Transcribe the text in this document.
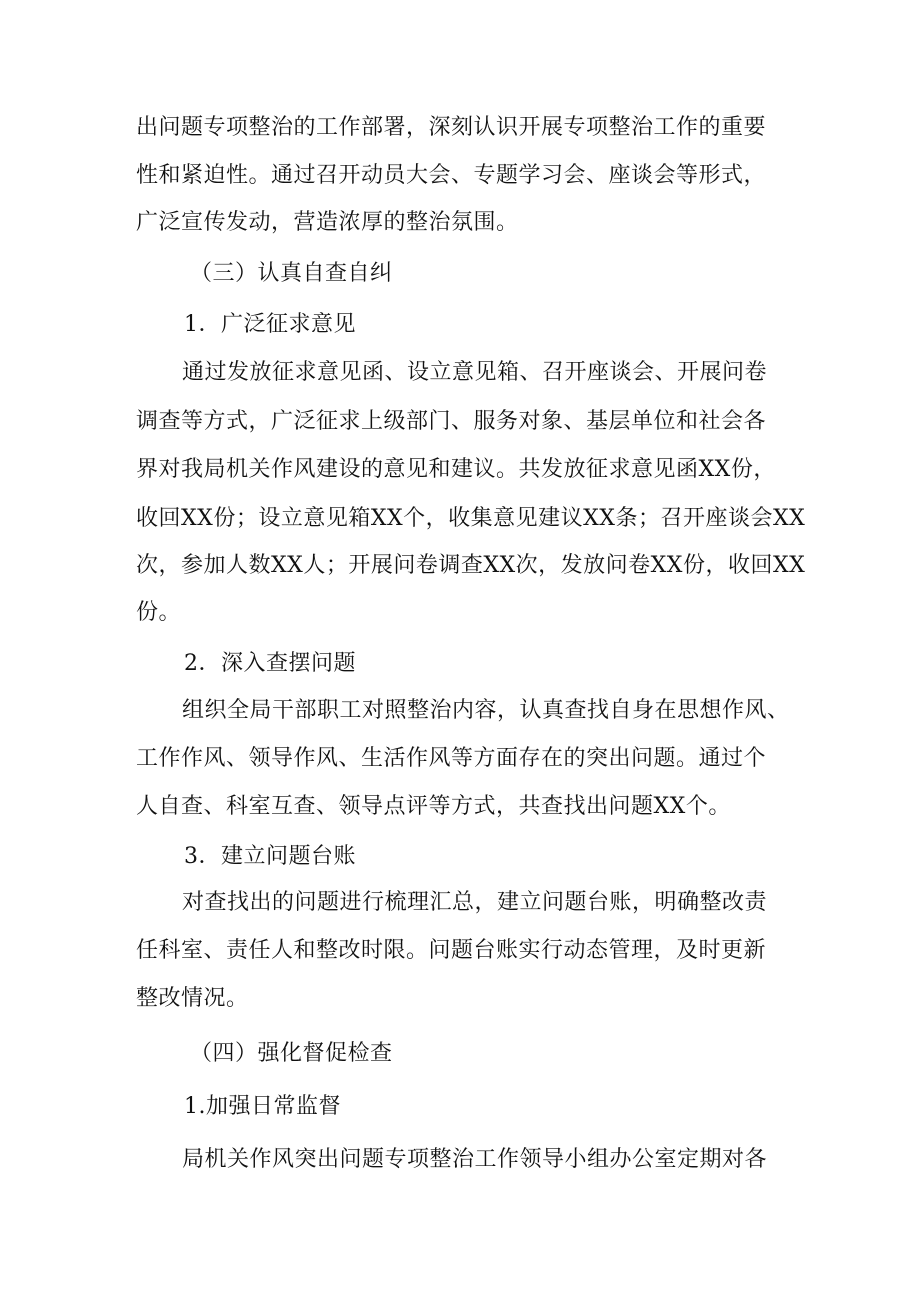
出问题专项整治的工作部署，深刻认识开展专项整治工作的重要
性和紧迫性。通过召开动员大会、专题学习会、座谈会等形式，
广泛宣传发动，营造浓厚的整治氛围。
（三）认真自查自纠
1．广泛征求意见
通过发放征求意见函、设立意见箱、召开座谈会、开展问卷
调查等方式，广泛征求上级部门、服务对象、基层单位和社会各
界对我局机关作风建设的意见和建议。共发放征求意见函XX份，
收回XX份；设立意见箱XX个，收集意见建议XX条；召开座谈会XX
次，参加人数XX人；开展问卷调查XX次，发放问卷XX份，收回XX
份。
2．深入查摆问题
组织全局干部职工对照整治内容，认真查找自身在思想作风、
工作作风、领导作风、生活作风等方面存在的突出问题。通过个
人自查、科室互查、领导点评等方式，共查找出问题XX个。
3．建立问题台账
对查找出的问题进行梳理汇总，建立问题台账，明确整改责
任科室、责任人和整改时限。问题台账实行动态管理，及时更新
整改情况。
（四）强化督促检查
1.加强日常监督
局机关作风突出问题专项整治工作领导小组办公室定期对各
